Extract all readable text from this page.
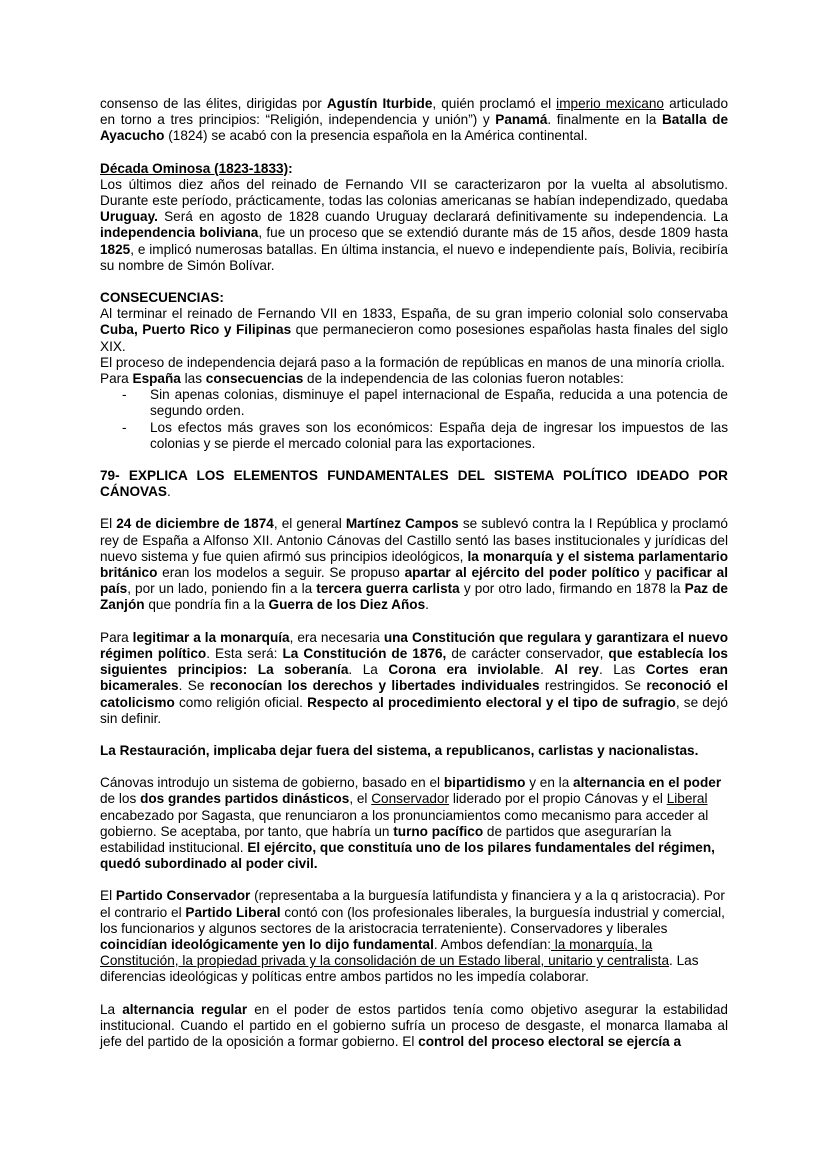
consenso de las élites, dirigidas por Agustín Iturbide, quién proclamó el imperio mexicano articulado en torno a tres principios: “Religión, independencia y unión”) y Panamá. finalmente en la Batalla de Ayacucho (1824) se acabó con la presencia española en la América continental.

Década Ominosa (1823-1833):

Los últimos diez años del reinado de Fernando VII se caracterizaron por la vuelta al absolutismo. Durante este período, prácticamente, todas las colonias americanas se habían independizado, quedaba Uruguay. Será en agosto de 1828 cuando Uruguay declarará definitivamente su independencia. La independencia boliviana, fue un proceso que se extendió durante más de 15 años, desde 1809 hasta 1825, e implicó numerosas batallas. En última instancia, el nuevo e independiente país, Bolivia, recibiría su nombre de Simón Bolívar.

CONSECUENCIAS:

Al terminar el reinado de Fernando VII en 1833, España, de su gran imperio colonial solo conservaba Cuba, Puerto Rico y Filipinas que permanecieron como posesiones españolas hasta finales del siglo XIX.

El proceso de independencia dejará paso a la formación de repúblicas en manos de una minoría criolla.

Para España las consecuencias de la independencia de las colonias fueron notables:

- Sin apenas colonias, disminuye el papel internacional de España, reducida a una potencia de segundo orden.
- Los efectos más graves son los económicos: España deja de ingresar los impuestos de las colonias y se pierde el mercado colonial para las exportaciones.

79- EXPLICA LOS ELEMENTOS FUNDAMENTALES DEL SISTEMA POLÍTICO IDEADO POR CÁNOVAS.

El 24 de diciembre de 1874, el general Martínez Campos se sublevó contra la I República y proclamó rey de España a Alfonso XII. Antonio Cánovas del Castillo sentó las bases institucionales y jurídicas del nuevo sistema y fue quien afirmó sus principios ideológicos, la monarquía y el sistema parlamentario británico eran los modelos a seguir. Se propuso apartar al ejército del poder político y pacificar al país, por un lado, poniendo fin a la tercera guerra carlista y por otro lado, firmando en 1878 la Paz de Zanjón que pondría fin a la Guerra de los Diez Años.

Para legitimar a la monarquía, era necesaria una Constitución que regulara y garantizara el nuevo régimen político. Esta será: La Constitución de 1876, de carácter conservador, que establecía los siguientes principios: La soberanía. La Corona era inviolable. Al rey. Las Cortes eran bicamerales. Se reconocían los derechos y libertades individuales restringidos. Se reconoció el catolicismo como religión oficial. Respecto al procedimiento electoral y el tipo de sufragio, se dejó sin definir.

La Restauración, implicaba dejar fuera del sistema, a republicanos, carlistas y nacionalistas.

Cánovas introdujo un sistema de gobierno, basado en el bipartidismo y en la alternancia en el poder de los dos grandes partidos dinásticos, el Conservador liderado por el propio Cánovas y el Liberal encabezado por Sagasta, que renunciaron a los pronunciamientos como mecanismo para acceder al gobierno. Se aceptaba, por tanto, que habría un turno pacífico de partidos que asegurarían la estabilidad institucional. El ejército, que constituía uno de los pilares fundamentales del régimen, quedó subordinado al poder civil.

El Partido Conservador (representaba a la burguesía latifundista y financiera y a la q aristocracia). Por el contrario el Partido Liberal contó con (los profesionales liberales, la burguesía industrial y comercial, los funcionarios y algunos sectores de la aristocracia terrateniente). Conservadores y liberales coincidían ideológicamente yen lo dijo fundamental. Ambos defendían: la monarquía, la Constitución, la propiedad privada y la consolidación de un Estado liberal, unitario y centralista. Las diferencias ideológicas y políticas entre ambos partidos no les impedía colaborar.

La alternancia regular en el poder de estos partidos tenía como objetivo asegurar la estabilidad institucional. Cuando el partido en el gobierno sufría un proceso de desgaste, el monarca llamaba al jefe del partido de la oposición a formar gobierno. El control del proceso electoral se ejercía a
